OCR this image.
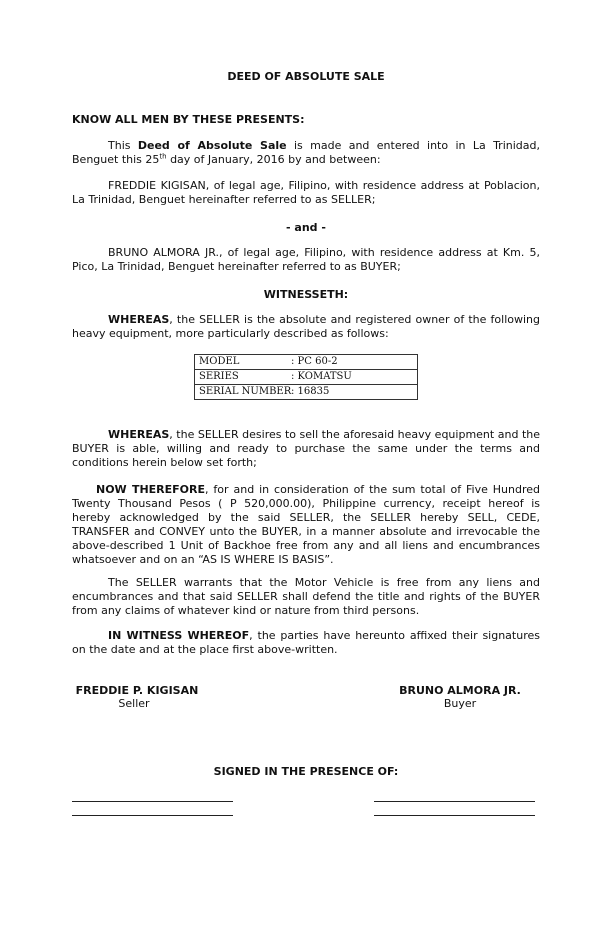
DEED OF ABSOLUTE SALE
KNOW ALL MEN BY THESE PRESENTS:
This Deed of Absolute Sale is made and entered into in La Trinidad, Benguet this 25th day of January, 2016 by and between:
FREDDIE KIGISAN, of legal age, Filipino, with residence address at Poblacion, La Trinidad, Benguet hereinafter referred to as SELLER;
- and -
BRUNO ALMORA JR., of legal age, Filipino, with residence address at Km. 5, Pico, La Trinidad, Benguet hereinafter referred to as BUYER;
WITNESSETH:
WHEREAS, the SELLER is the absolute and registered owner of the following heavy equipment, more particularly described as follows:
MODEL	: PC 60-2
SERIES	: KOMATSU
SERIAL NUMBER: 16835
WHEREAS, the SELLER desires to sell the aforesaid heavy equipment and the BUYER is able, willing and ready to purchase the same under the terms and conditions herein below set forth;
NOW THEREFORE, for and in consideration of the sum total of Five Hundred Twenty Thousand Pesos ( P 520,000.00), Philippine currency, receipt hereof is hereby acknowledged by the said SELLER, the SELLER hereby SELL, CEDE, TRANSFER and CONVEY unto the BUYER, in a manner absolute and irrevocable the above-described 1 Unit of Backhoe free from any and all liens and encumbrances whatsoever and on an “AS IS WHERE IS BASIS”.
The SELLER warrants that the Motor Vehicle is free from any liens and encumbrances and that said SELLER shall defend the title and rights of the BUYER from any claims of whatever kind or nature from third persons.
IN WITNESS WHEREOF, the parties have hereunto affixed their signatures on the date and at the place first above-written.
FREDDIE P. KIGISAN
Seller
BRUNO ALMORA JR.
Buyer
SIGNED IN THE PRESENCE OF:
